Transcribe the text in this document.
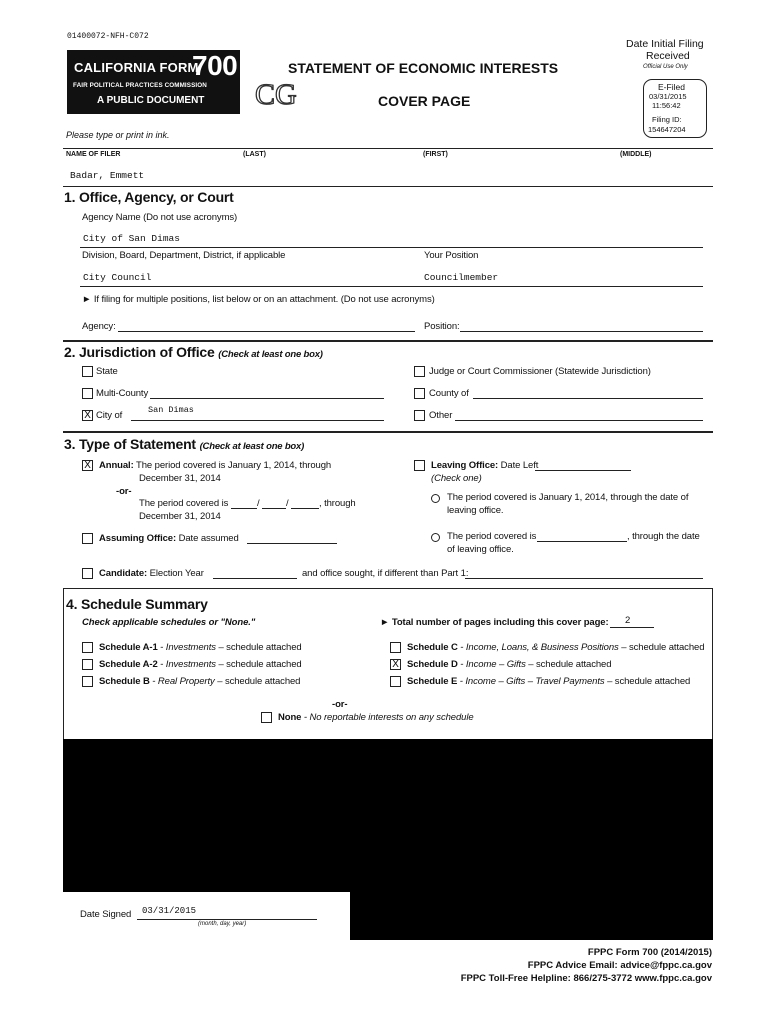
01400072-NFH-C072
CALIFORNIA FORM
700
FAIR POLITICAL PRACTICES COMMISSION
A PUBLIC DOCUMENT CG
STATEMENT OF ECONOMIC INTERESTS
COVER PAGE
Please type or print in ink.
Date Initial Filing
Received
Official Use Only
E-Filed
03/31/2015
11:56:42
Filing ID:
154647204
NAME OF FILER	(LAST)	(FIRST)	(MIDDLE)
Badar, Emmett
1. Office, Agency, or Court
Agency Name (Do not use acronyms)
City of San Dimas
Division, Board, Department, District, if applicable	Your Position
City Council	Councilmember
► If filing for multiple positions, list below or on an attachment. (Do not use acronyms)
Agency:	Position:
2. Jurisdiction of Office (Check at least one box)
State	Judge or Court Commissioner (Statewide Jurisdiction)
Multi-County	County of
X City of	San Dimas	Other
3. Type of Statement (Check at least one box)
X Annual: The period covered is January 1, 2014, through
December 31, 2014
-or-
The period covered is	/	/	, through
December 31, 2014
Assuming Office: Date assumed
Candidate: Election Year	and office sought, if different than Part 1:
Leaving Office: Date Left
(Check one)
The period covered is January 1, 2014, through the date of
leaving office.
The period covered is	, through the date
of leaving office.
4. Schedule Summary
Check applicable schedules or "None."	► Total number of pages including this cover page: 2
Schedule A-1 - Investments – schedule attached
Schedule A-2 - Investments – schedule attached
Schedule B - Real Property – schedule attached
Schedule C - Income, Loans, & Business Positions – schedule attached
X Schedule D - Income – Gifts – schedule attached
Schedule E - Income – Gifts – Travel Payments – schedule attached
-or-
None - No reportable interests on any schedule
Date Signed 03/31/2015
(month, day, year)
FPPC Form 700 (2014/2015)
FPPC Advice Email: advice@fppc.ca.gov
FPPC Toll-Free Helpline: 866/275-3772 www.fppc.ca.gov
